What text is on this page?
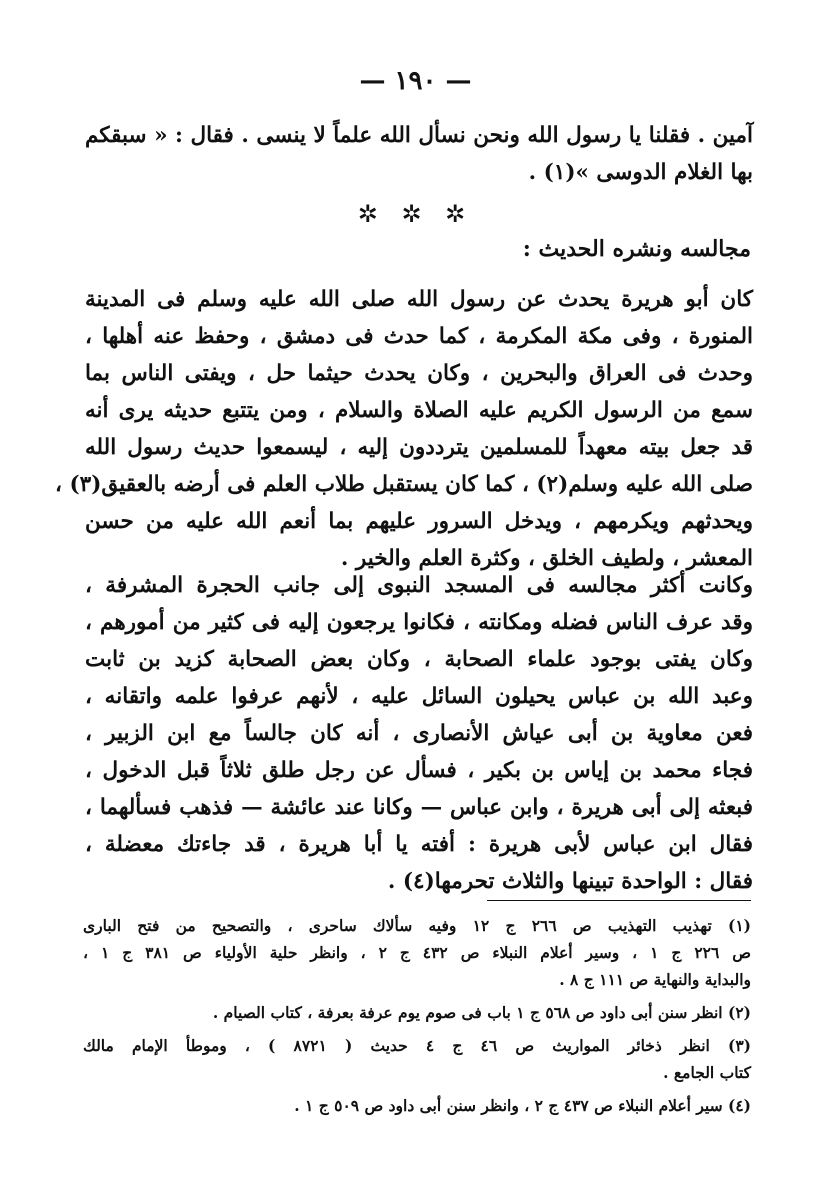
— ١٩٠ —
آمين . فقلنا يا رسول الله ونحن نسأل الله علماً لا ينسى . فقال : « سبقكم
بها الغلام الدوسى »(١) .
✲ ✲ ✲
مجالسه ونشره الحديث :
كان أبو هريرة يحدث عن رسول الله صلى الله عليه وسلم فى المدينة
المنورة ، وفى مكة المكرمة ، كما حدث فى دمشق ، وحفظ عنه أهلها ،
وحدث فى العراق والبحرين ، وكان يحدث حيثما حل ، ويفتى الناس بما
سمع من الرسول الكريم عليه الصلاة والسلام ، ومن يتتبع حديثه يرى أنه
قد جعل بيته معهداً للمسلمين يترددون إليه ، ليسمعوا حديث رسول الله
صلى الله عليه وسلم(٢) ، كما كان يستقبل طلاب العلم فى أرضه بالعقيق(٣) ،
ويحدثهم ويكرمهم ، ويدخل السرور عليهم بما أنعم الله عليه من حسن
المعشر ، ولطيف الخلق ، وكثرة العلم والخير .
وكانت أكثر مجالسه فى المسجد النبوى إلى جانب الحجرة المشرفة ،
وقد عرف الناس فضله ومكانته ، فكانوا يرجعون إليه فى كثير من أمورهم ،
وكان يفتى بوجود علماء الصحابة ، وكان بعض الصحابة كزيد بن ثابت
وعبد الله بن عباس يحيلون السائل عليه ، لأنهم عرفوا علمه واتقانه ،
فعن معاوية بن أبى عياش الأنصارى ، أنه كان جالساً مع ابن الزبير ،
فجاء محمد بن إياس بن بكير ، فسأل عن رجل طلق ثلاثاً قبل الدخول ،
فبعثه إلى أبى هريرة ، وابن عباس — وكانا عند عائشة — فذهب فسألهما ،
فقال ابن عباس لأبى هريرة : أفته يا أبا هريرة ، قد جاءتك معضلة ،
فقال : الواحدة تبينها والثلاث تحرمها(٤) .
(١) تهذيب التهذيب ص ٢٦٦ ج ١٢ وفيه سألاك ساحرى ، والتصحيح من فتح البارى
ص ٢٢٦ ج ١ ، وسير أعلام النبلاء ص ٤٣٢ ج ٢ ، وانظر حلية الأولياء ص ٣٨١ ج ١ ،
والبداية والنهاية ص ١١١ ج ٨ .
(٢) انظر سنن أبى داود ص ٥٦٨ ج ١ باب فى صوم يوم عرفة بعرفة ، كتاب الصيام .
(٣) انظر ذخائر المواريث ص ٤٦ ج ٤ حديث ( ٨٧٢١ ) ، وموطأ الإمام مالك
كتاب الجامع .
(٤) سير أعلام النبلاء ص ٤٣٧ ج ٢ ، وانظر سنن أبى داود ص ٥٠٩ ج ١ .
